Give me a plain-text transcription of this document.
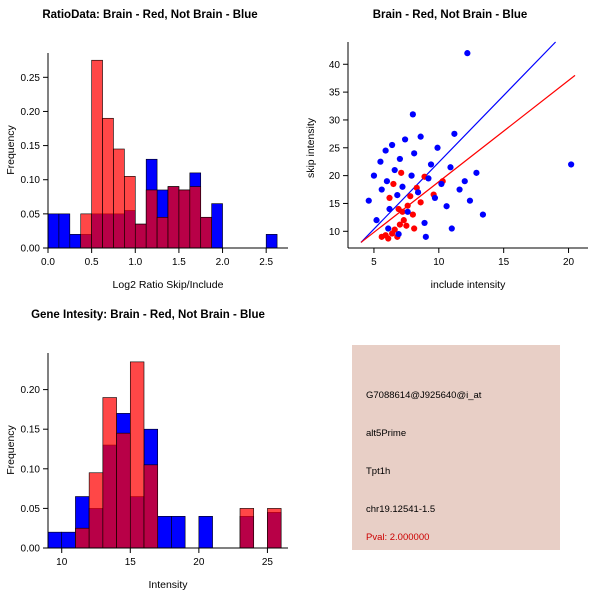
RatioData: Brain - Red, Not Brain - Blue
0.0	0.5	1.0	1.5	2.0	2.5
0.00
0.05
0.10
0.15
0.20
0.25
Log2 Ratio Skip/Include
Frequency
Brain - Red, Not Brain - Blue
5	10	15	20
10
15
20
25
30
35
40
include intensity
skip intensity
Gene Intesity: Brain - Red, Not Brain - Blue
10	15	20	25
0.00
0.05
0.10
0.15
0.20
Intensity
Frequency
G7088614@J925640@i_at
alt5Prime
Tpt1h
chr19.12541-1.5
Pval: 2.000000
